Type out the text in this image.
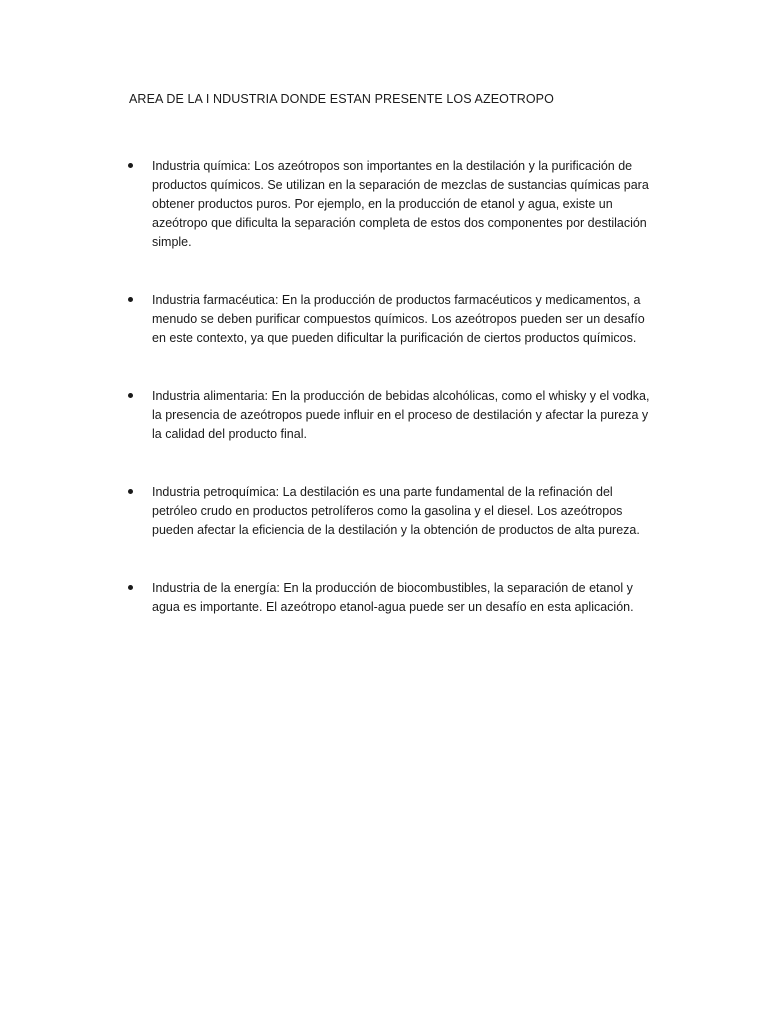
AREA DE LA I NDUSTRIA DONDE ESTAN PRESENTE LOS AZEOTROPO
Industria química: Los azeótropos son importantes en la destilación y la purificación de productos químicos. Se utilizan en la separación de mezclas de sustancias químicas para obtener productos puros. Por ejemplo, en la producción de etanol y agua, existe un azeótropo que dificulta la separación completa de estos dos componentes por destilación simple.
Industria farmacéutica: En la producción de productos farmacéuticos y medicamentos, a menudo se deben purificar compuestos químicos. Los azeótropos pueden ser un desafío en este contexto, ya que pueden dificultar la purificación de ciertos productos químicos.
Industria alimentaria: En la producción de bebidas alcohólicas, como el whisky y el vodka, la presencia de azeótropos puede influir en el proceso de destilación y afectar la pureza y la calidad del producto final.
Industria petroquímica: La destilación es una parte fundamental de la refinación del petróleo crudo en productos petrolíferos como la gasolina y el diesel. Los azeótropos pueden afectar la eficiencia de la destilación y la obtención de productos de alta pureza.
Industria de la energía: En la producción de biocombustibles, la separación de etanol y agua es importante. El azeótropo etanol-agua puede ser un desafío en esta aplicación.
